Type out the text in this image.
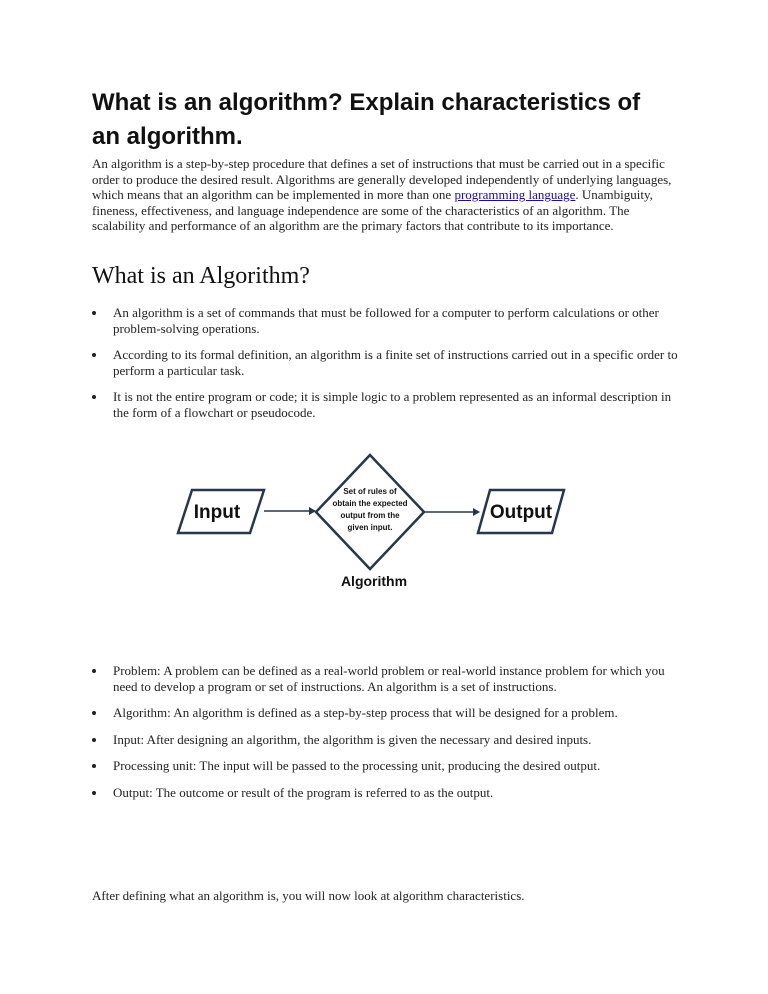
What is an algorithm? Explain characteristics of an algorithm.

An algorithm is a step-by-step procedure that defines a set of instructions that must be carried out in a specific order to produce the desired result. Algorithms are generally developed independently of underlying languages, which means that an algorithm can be implemented in more than one programming language. Unambiguity, fineness, effectiveness, and language independence are some of the characteristics of an algorithm. The scalability and performance of an algorithm are the primary factors that contribute to its importance.

What is an Algorithm?
An algorithm is a set of commands that must be followed for a computer to perform calculations or other problem-solving operations.
According to its formal definition, an algorithm is a finite set of instructions carried out in a specific order to perform a particular task.
It is not the entire program or code; it is simple logic to a problem represented as an informal description in the form of a flowchart or pseudocode.
Input
Set of rules of
obtain the expected
output from the
given input.
Output
Algorithm
Problem: A problem can be defined as a real-world problem or real-world instance problem for which you need to develop a program or set of instructions. An algorithm is a set of instructions.
Algorithm: An algorithm is defined as a step-by-step process that will be designed for a problem.
Input: After designing an algorithm, the algorithm is given the necessary and desired inputs.
Processing unit: The input will be passed to the processing unit, producing the desired output.
Output: The outcome or result of the program is referred to as the output.

After defining what an algorithm is, you will now look at algorithm characteristics.
